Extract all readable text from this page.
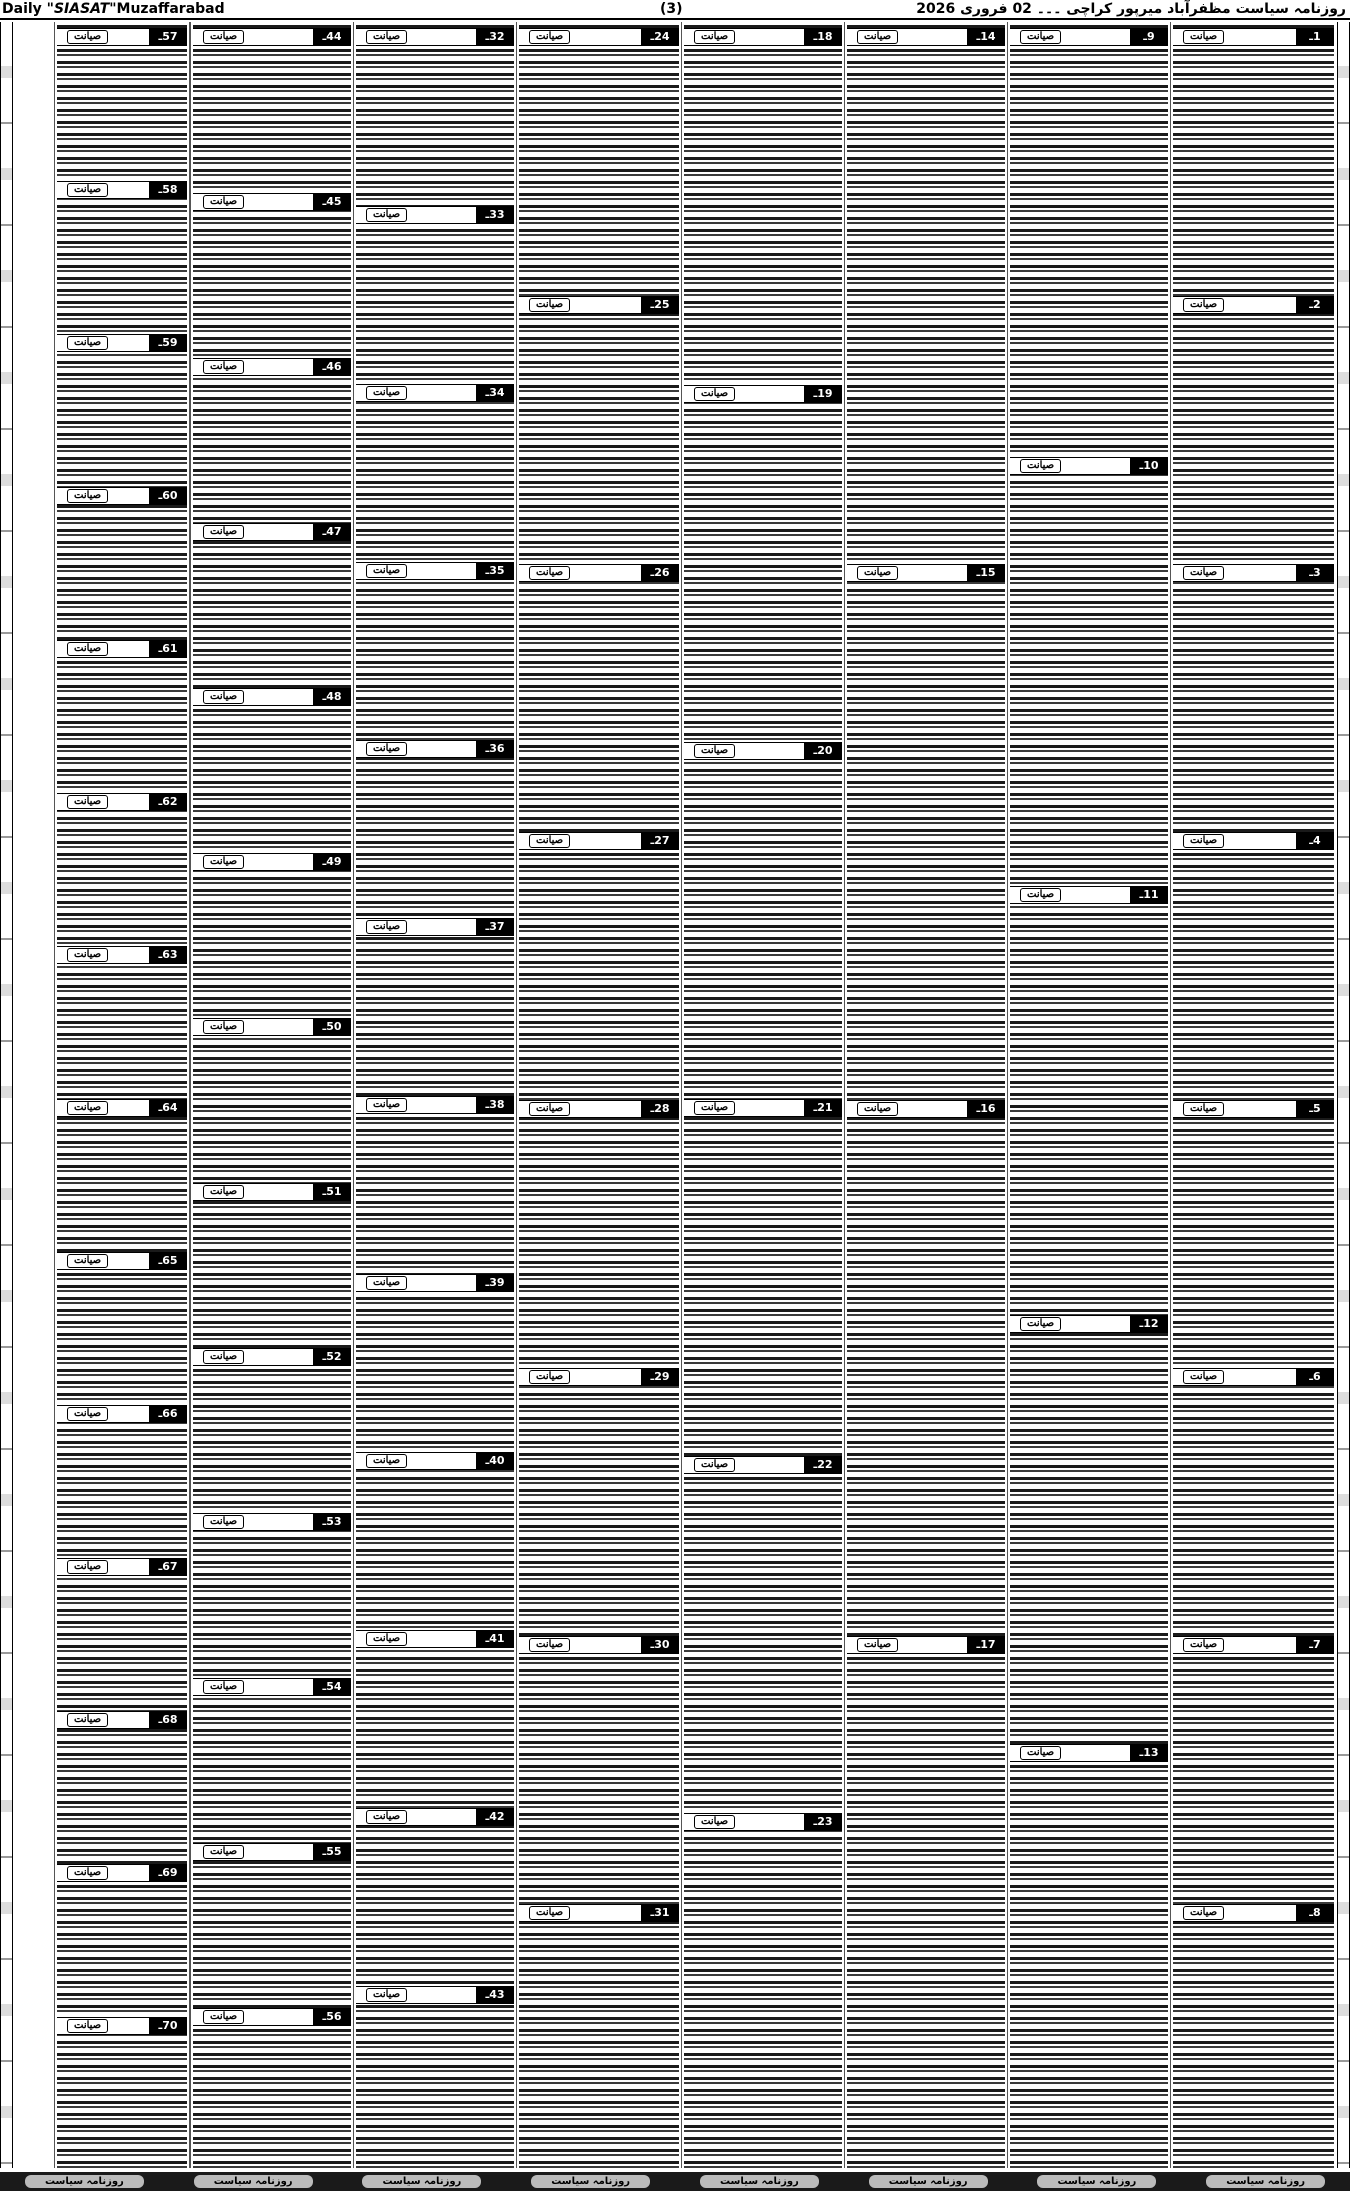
Daily "SIASAT"Muzaffarabad	(3)	روزنامہ سیاست مظفرآباد میرپور کراچی ۔۔۔ 02 فروری 2026
صیانت	1ـ
صیانت	2ـ
صیانت	3ـ
صیانت	4ـ
صیانت	5ـ
صیانت	6ـ
صیانت	7ـ
صیانت	8ـ
صیانت	9ـ
صیانت	10ـ
صیانت	11ـ
صیانت	12ـ
صیانت	13ـ
صیانت	14ـ
صیانت	15ـ
صیانت	16ـ
صیانت	17ـ
صیانت	18ـ
صیانت	19ـ
صیانت	20ـ
صیانت	21ـ
صیانت	22ـ
صیانت	23ـ
صیانت	24ـ
صیانت	25ـ
صیانت	26ـ
صیانت	27ـ
صیانت	28ـ
صیانت	29ـ
صیانت	30ـ
صیانت	31ـ
صیانت	32ـ
صیانت	33ـ
صیانت	34ـ
صیانت	35ـ
صیانت	36ـ
صیانت	37ـ
صیانت	38ـ
صیانت	39ـ
صیانت	40ـ
صیانت	41ـ
صیانت	42ـ
صیانت	43ـ
صیانت	44ـ
صیانت	45ـ
صیانت	46ـ
صیانت	47ـ
صیانت	48ـ
صیانت	49ـ
صیانت	50ـ
صیانت	51ـ
صیانت	52ـ
صیانت	53ـ
صیانت	54ـ
صیانت	55ـ
صیانت	56ـ
صیانت	57ـ
صیانت	58ـ
صیانت	59ـ
صیانت	60ـ
صیانت	61ـ
صیانت	62ـ
صیانت	63ـ
صیانت	64ـ
صیانت	65ـ
صیانت	66ـ
صیانت	67ـ
صیانت	68ـ
صیانت	69ـ
صیانت	70ـ
روزنامہ سیاست	روزنامہ سیاست	روزنامہ سیاست	روزنامہ سیاست	روزنامہ سیاست	روزنامہ سیاست	روزنامہ سیاست	روزنامہ سیاست
